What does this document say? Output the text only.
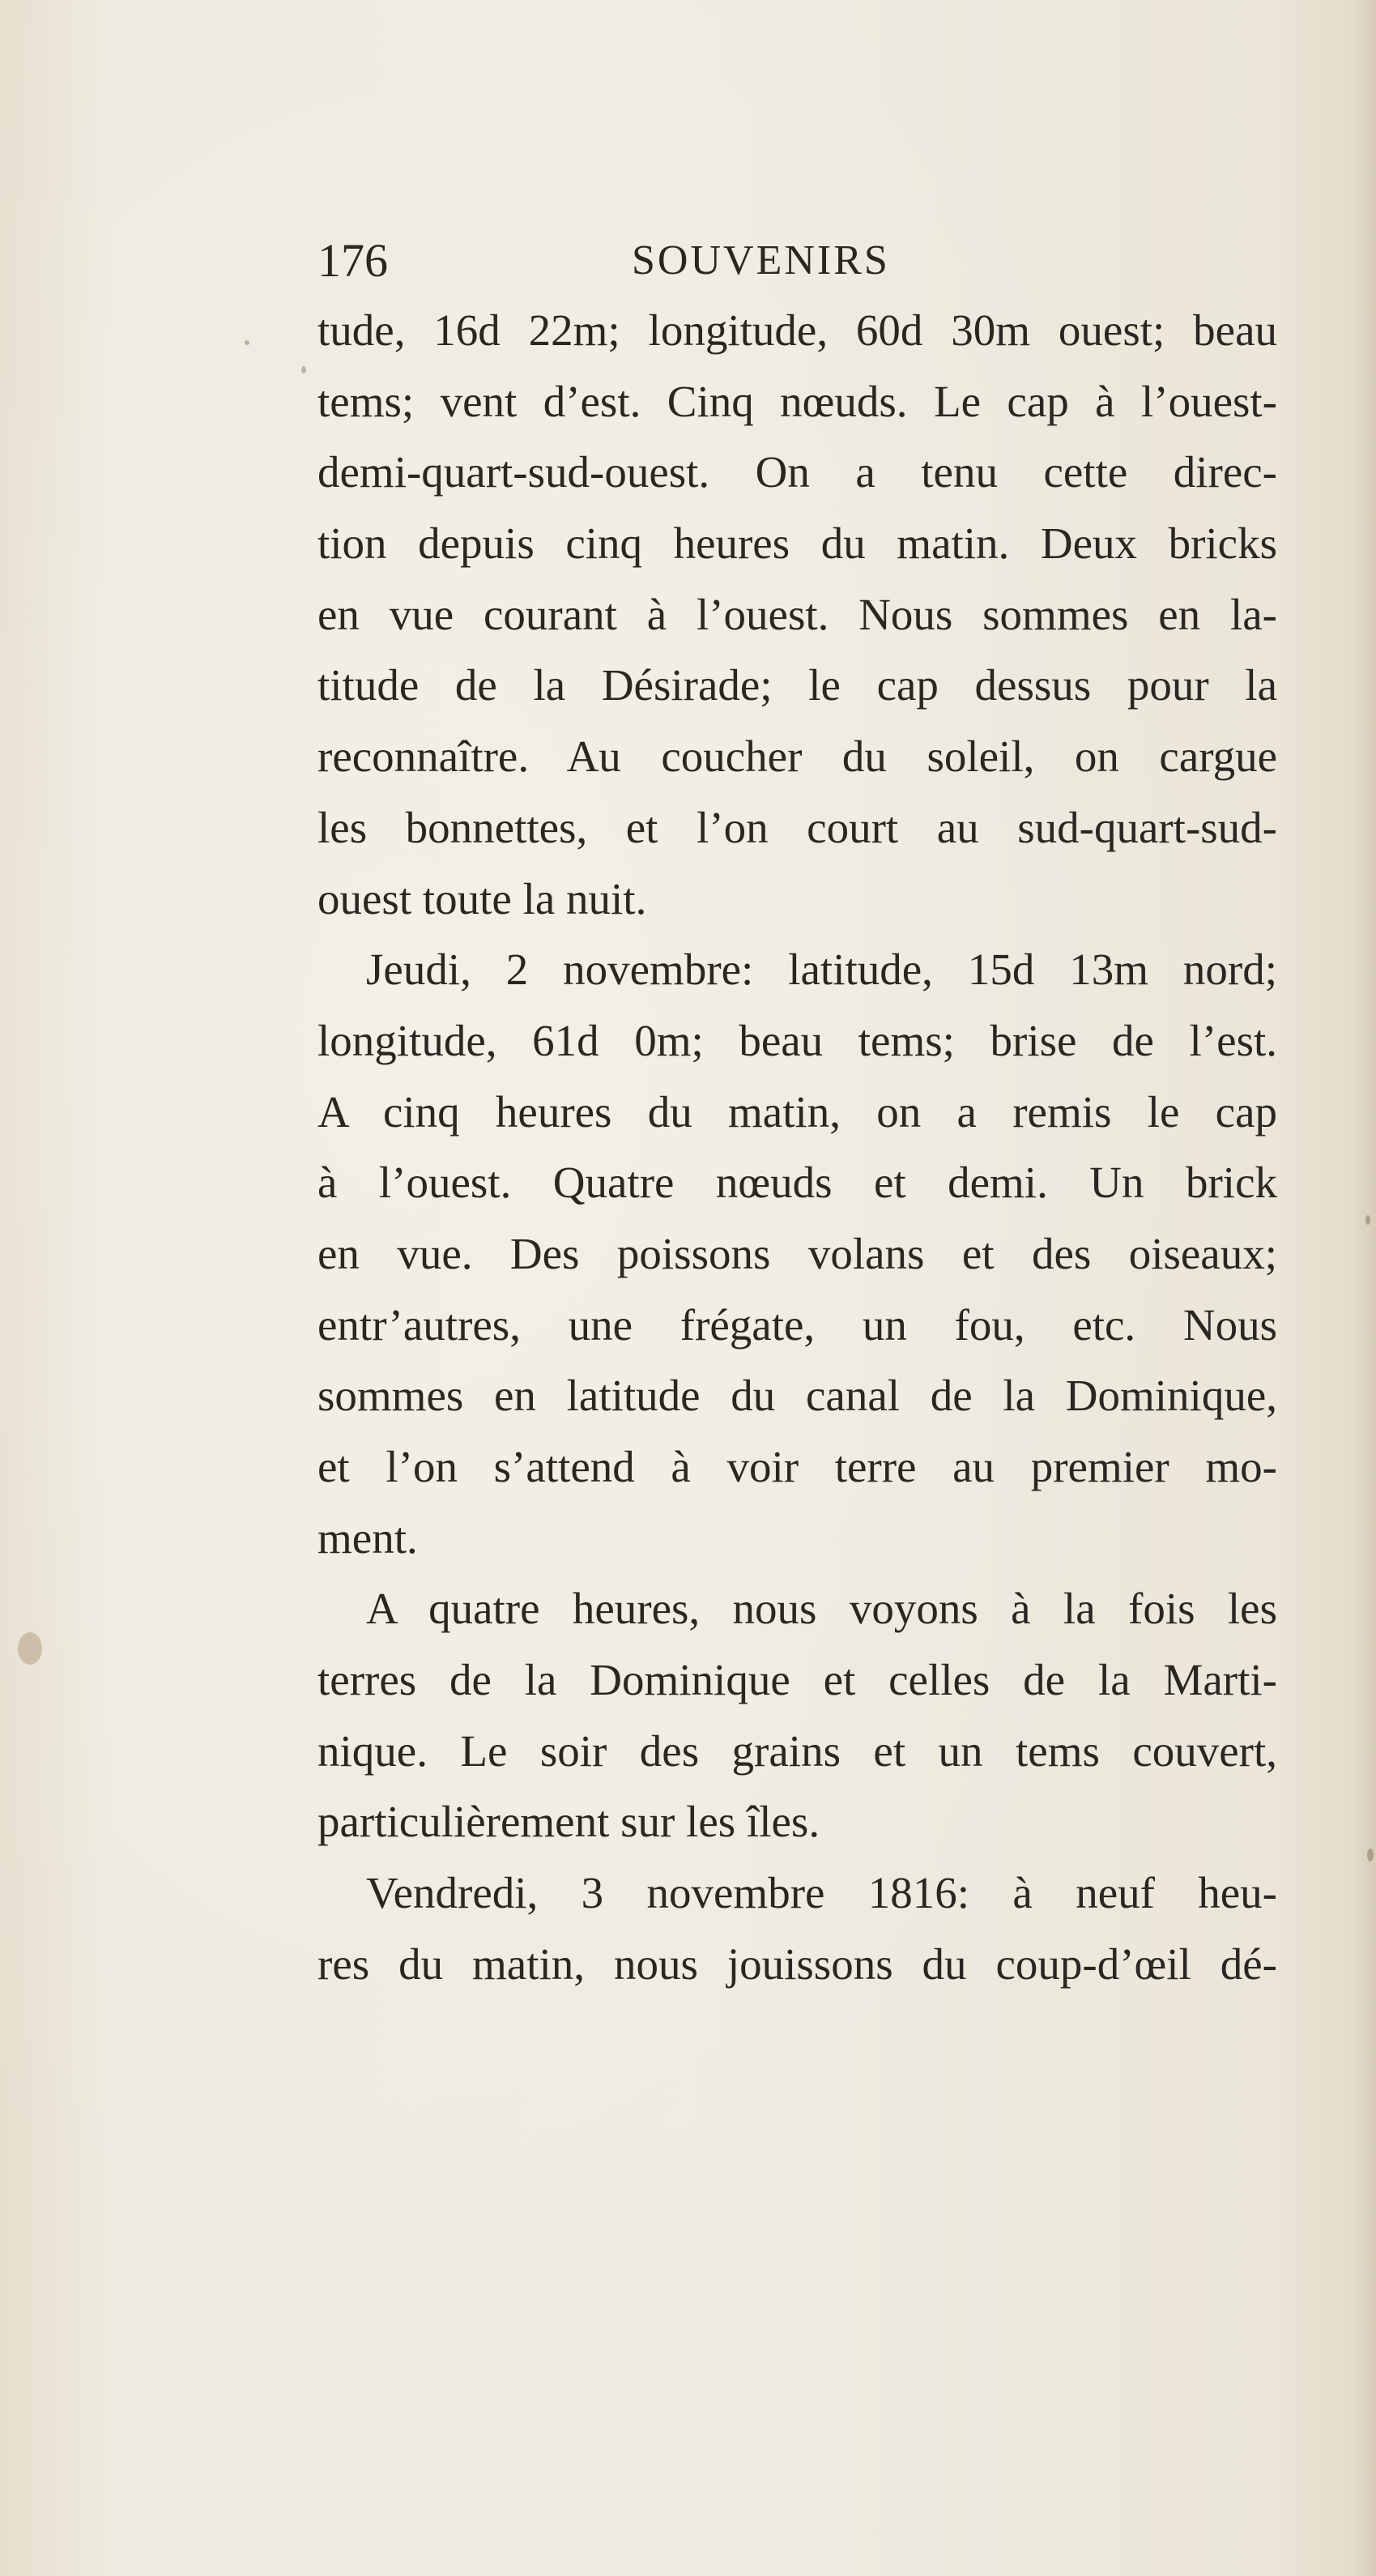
176	SOUVENIRS

tude, 16d 22m; longitude, 60d 30m ouest; beau
tems; vent d’est. Cinq nœuds. Le cap à l’ouest-
demi-quart-sud-ouest. On a tenu cette direc-
tion depuis cinq heures du matin. Deux bricks
en vue courant à l’ouest. Nous sommes en la-
titude de la Désirade; le cap dessus pour la
reconnaître. Au coucher du soleil, on cargue
les bonnettes, et l’on court au sud-quart-sud-
ouest toute la nuit.

Jeudi, 2 novembre: latitude, 15d 13m nord;
longitude, 61d 0m; beau tems; brise de l’est.
A cinq heures du matin, on a remis le cap
à l’ouest. Quatre nœuds et demi. Un brick
en vue. Des poissons volans et des oiseaux;
entr’autres, une frégate, un fou, etc. Nous
sommes en latitude du canal de la Dominique,
et l’on s’attend à voir terre au premier mo-
ment.

A quatre heures, nous voyons à la fois les
terres de la Dominique et celles de la Marti-
nique. Le soir des grains et un tems couvert,
particulièrement sur les îles.

Vendredi, 3 novembre 1816: à neuf heu-
res du matin, nous jouissons du coup-d’œil dé-
